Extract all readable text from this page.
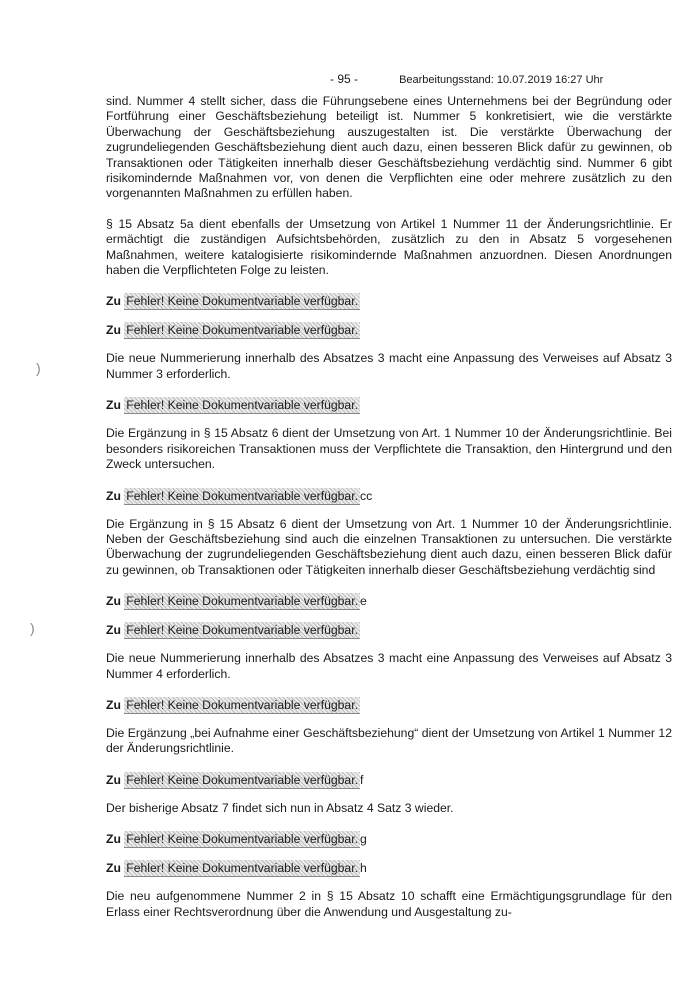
- 95 -	Bearbeitungsstand: 10.07.2019 16:27 Uhr

sind. Nummer 4 stellt sicher, dass die Führungsebene eines Unternehmens bei der Begründung oder Fortführung einer Geschäftsbeziehung beteiligt ist. Nummer 5 konkretisiert, wie die verstärkte Überwachung der Geschäftsbeziehung auszugestalten ist. Die verstärkte Überwachung der zugrundeliegenden Geschäftsbeziehung dient auch dazu, einen besseren Blick dafür zu gewinnen, ob Transaktionen oder Tätigkeiten innerhalb dieser Geschäftsbeziehung verdächtig sind. Nummer 6 gibt risikomindernde Maßnahmen vor, von denen die Verpflichten eine oder mehrere zusätzlich zu den vorgenannten Maßnahmen zu erfüllen haben.

§ 15 Absatz 5a dient ebenfalls der Umsetzung von Artikel 1 Nummer 11 der Änderungsrichtlinie. Er ermächtigt die zuständigen Aufsichtsbehörden, zusätzlich zu den in Absatz 5 vorgesehenen Maßnahmen, weitere katalogisierte risikomindernde Maßnahmen anzuordnen. Diesen Anordnungen haben die Verpflichteten Folge zu leisten.

Zu Fehler! Keine Dokumentvariable verfügbar.
Zu Fehler! Keine Dokumentvariable verfügbar.

Die neue Nummerierung innerhalb des Absatzes 3 macht eine Anpassung des Verweises auf Absatz 3 Nummer 3 erforderlich.

Zu Fehler! Keine Dokumentvariable verfügbar.

Die Ergänzung in § 15 Absatz 6 dient der Umsetzung von Art. 1 Nummer 10 der Änderungsrichtlinie. Bei besonders risikoreichen Transaktionen muss der Verpflichtete die Transaktion, den Hintergrund und den Zweck untersuchen.

Zu Fehler! Keine Dokumentvariable verfügbar. cc

Die Ergänzung in § 15 Absatz 6 dient der Umsetzung von Art. 1 Nummer 10 der Änderungsrichtlinie. Neben der Geschäftsbeziehung sind auch die einzelnen Transaktionen zu untersuchen. Die verstärkte Überwachung der zugrundeliegenden Geschäftsbeziehung dient auch dazu, einen besseren Blick dafür zu gewinnen, ob Transaktionen oder Tätigkeiten innerhalb dieser Geschäftsbeziehung verdächtig sind

Zu Fehler! Keine Dokumentvariable verfügbar. e
Zu Fehler! Keine Dokumentvariable verfügbar.

Die neue Nummerierung innerhalb des Absatzes 3 macht eine Anpassung des Verweises auf Absatz 3 Nummer 4 erforderlich.

Zu Fehler! Keine Dokumentvariable verfügbar.

Die Ergänzung „bei Aufnahme einer Geschäftsbeziehung“ dient der Umsetzung von Artikel 1 Nummer 12 der Änderungsrichtlinie.

Zu Fehler! Keine Dokumentvariable verfügbar. f

Der bisherige Absatz 7 findet sich nun in Absatz 4 Satz 3 wieder.

Zu Fehler! Keine Dokumentvariable verfügbar. g
Zu Fehler! Keine Dokumentvariable verfügbar. h

Die neu aufgenommene Nummer 2 in § 15 Absatz 10 schafft eine Ermächtigungsgrundlage für den Erlass einer Rechtsverordnung über die Anwendung und Ausgestaltung zu-

)
)
